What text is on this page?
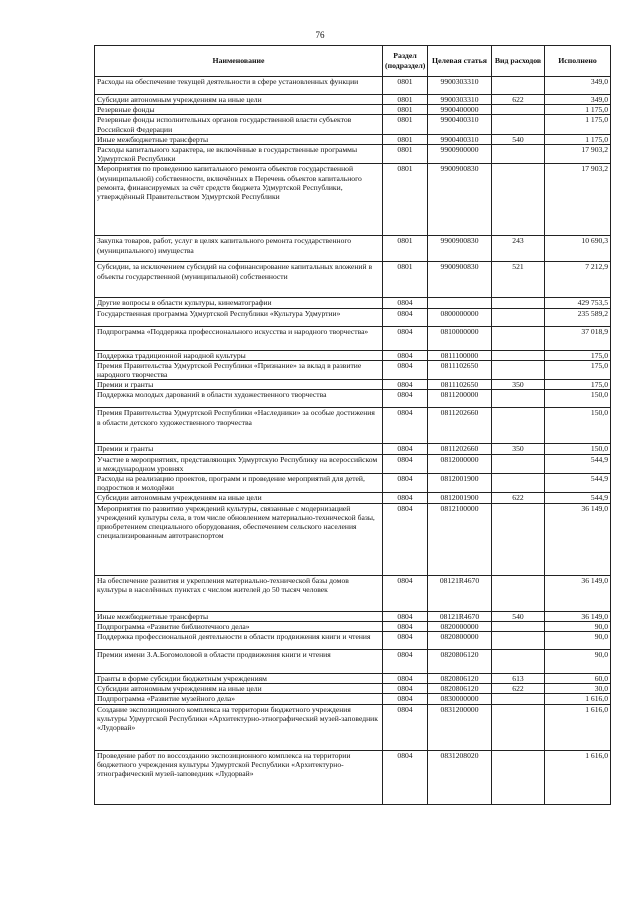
76
Наименование	Раздел (подраздел)	Целевая статья	Вид расходов	Исполнено
Расходы на обеспечение текущей деятельности в сфере установленных функции	0801	9900303310		349,0
Субсидии автономным учреждениям на иные цели	0801	9900303310	622	349,0
Резервные фонды	0801	9900400000		1 175,0
Резервные фонды исполнительных органов государственной власти субъектов Российской Федерации	0801	9900400310		1 175,0
Иные межбюджетные трансферты	0801	9900400310	540	1 175,0
Расходы капитального характера, не включённые в государственные программы Удмуртской Республики	0801	9900900000		17 903,2
Мероприятия по проведению капитального ремонта объектов государственной (муниципальной) собственности, включённых в Перечень объектов капитального ремонта, финансируемых за счёт средств бюджета Удмуртской Республики, утверждённый Правительством Удмуртской Республики	0801	9900900830		17 903,2
Закупка товаров, работ, услуг в целях капитального ремонта государственного (муниципального) имущества	0801	9900900830	243	10 690,3
Субсидии, за исключением субсидий на софинансирование капитальных вложений в объекты государственной (муниципальной) собственности	0801	9900900830	521	7 212,9
Другие вопросы в области культуры, кинематографии	0804			429 753,5
Государственная программа Удмуртской Республики «Культура Удмуртии»	0804	0800000000		235 589,2
Подпрограмма «Поддержка профессионального искусства и народного творчества»	0804	0810000000		37 018,9
Поддержка традиционной народной культуры	0804	0811100000		175,0
Премия Правительства Удмуртской Республики «Признание» за вклад в развитие народного творчества	0804	0811102650		175,0
Премии и гранты	0804	0811102650	350	175,0
Поддержка молодых дарований в области художественного творчества	0804	0811200000		150,0
Премия Правительства Удмуртской Республики «Наследники» за особые достижения в области детского художественного творчества	0804	0811202660		150,0
Премии и гранты	0804	0811202660	350	150,0
Участие в мероприятиях, представляющих Удмуртскую Республику на всероссийском и международном уровнях	0804	0812000000		544,9
Расходы на реализацию проектов, программ и проведение мероприятий для детей, подростков и молодёжи	0804	0812001900		544,9
Субсидии автономным учреждениям на иные цели	0804	0812001900	622	544,9
Мероприятия по развитию учреждений культуры, связанные с модернизацией учреждений культуры села, в том числе обновлением материально-технической базы, приобретением специального оборудования, обеспечением сельского населения специализированным автотранспортом	0804	0812100000		36 149,0
На обеспечение развития и укрепления материально-технической базы домов культуры в населённых пунктах с числом жителей до 50 тысяч человек	0804	08121R4670		36 149,0
Иные межбюджетные трансферты	0804	08121R4670	540	36 149,0
Подпрограмма «Развитие библиотечного дела»	0804	0820000000		90,0
Поддержка профессиональной деятельности в области продвижения книги и чтения	0804	0820800000		90,0
Премии имени З.А.Богомоловой в области продвижения книги и чтения	0804	0820806120		90,0
Гранты в форме субсидии бюджетным учреждениям	0804	0820806120	613	60,0
Субсидии автономным учреждениям на иные цели	0804	0820806120	622	30,0
Подпрограмма «Развитие музейного дела»	0804	0830000000		1 616,0
Создание экспозиционного комплекса на территории бюджетного учреждения культуры Удмуртской Республики «Архитектурно-этнографический музей-заповедник «Лудорвай»	0804	0831200000		1 616,0
Проведение работ по воссозданию экспозиционного комплекса на территории бюджетного учреждения культуры Удмуртской Республики «Архитектурно-этнографический музей-заповедник «Лудорвай»	0804	0831208020		1 616,0
